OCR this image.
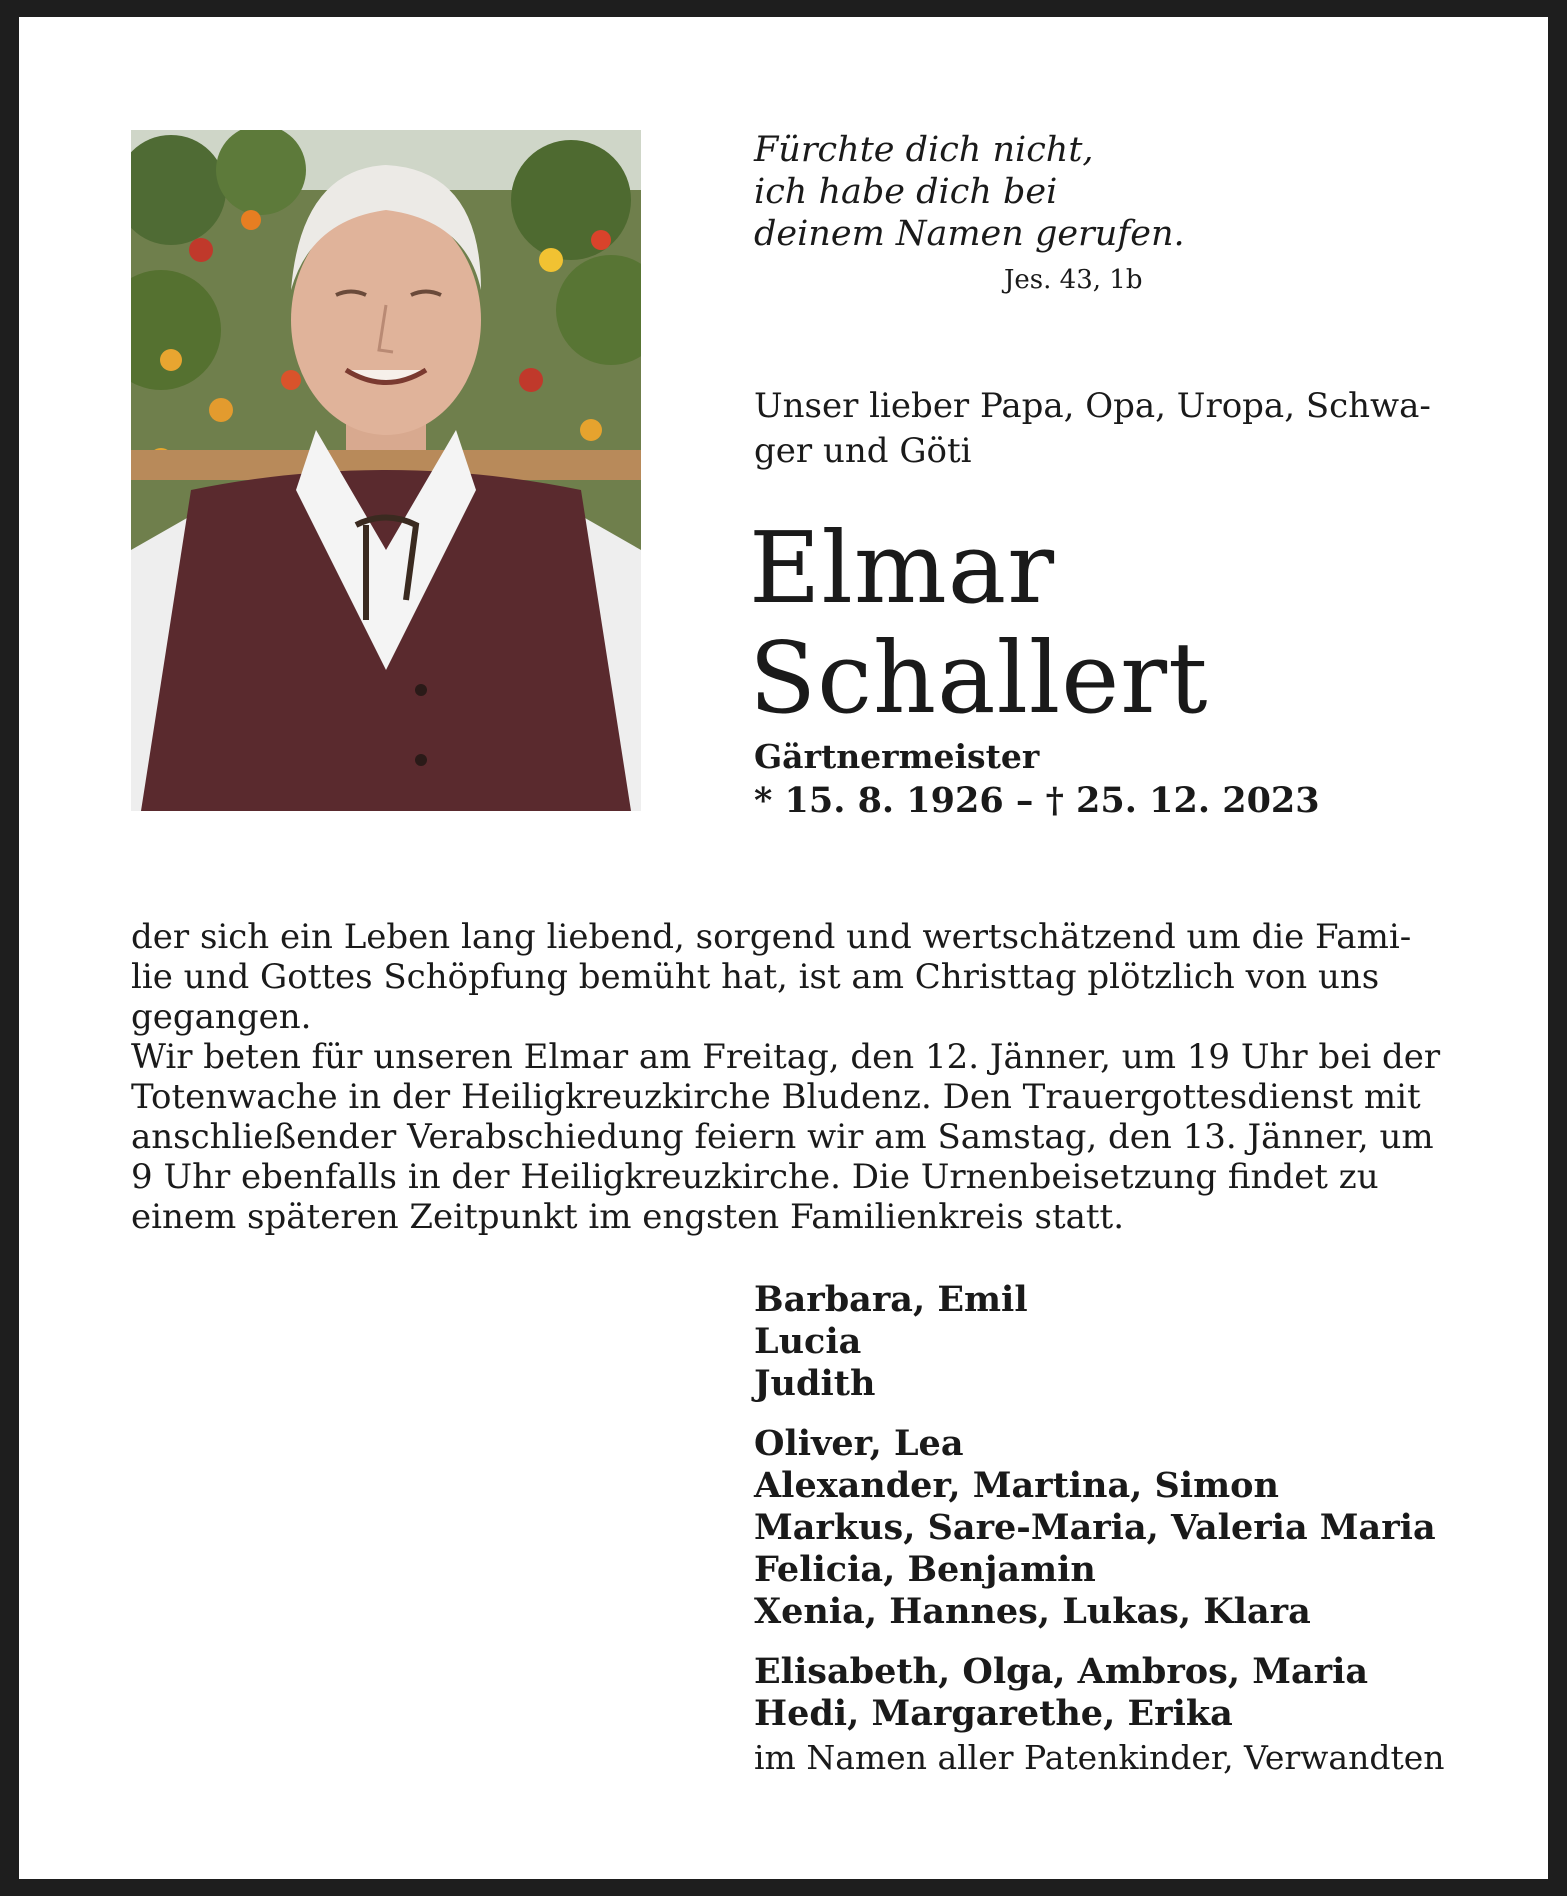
Fürchte dich nicht,
ich habe dich bei
deinem Namen gerufen.
Jes. 43, 1b
Unser lieber Papa, Opa, Uropa, Schwa-
ger und Göti
Elmar
Schallert
Gärtnermeister
* 15. 8. 1926 – † 25. 12. 2023
der sich ein Leben lang liebend, sorgend und wertschätzend um die Fami-
lie und Gottes Schöpfung bemüht hat, ist am Christtag plötzlich von uns
gegangen.
Wir beten für unseren Elmar am Freitag, den 12. Jänner, um 19 Uhr bei der
Totenwache in der Heiligkreuzkirche Bludenz. Den Trauergottesdienst mit
anschließender Verabschiedung feiern wir am Samstag, den 13. Jänner, um
9 Uhr ebenfalls in der Heiligkreuzkirche. Die Urnenbeisetzung findet zu
einem späteren Zeitpunkt im engsten Familienkreis statt.
Barbara, Emil
Lucia
Judith
Oliver, Lea
Alexander, Martina, Simon
Markus, Sare-Maria, Valeria Maria
Felicia, Benjamin
Xenia, Hannes, Lukas, Klara
Elisabeth, Olga, Ambros, Maria
Hedi, Margarethe, Erika
im Namen aller Patenkinder, Verwandten
